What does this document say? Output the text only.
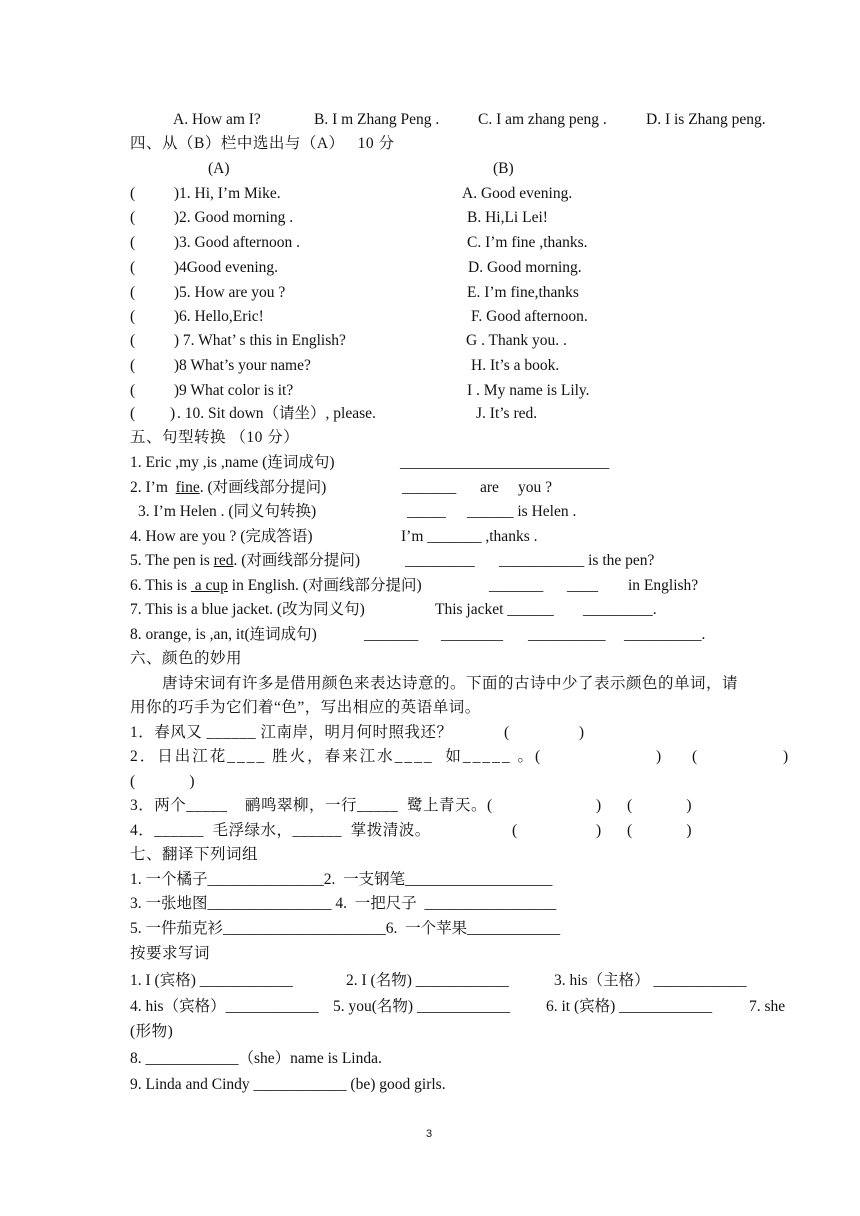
A. How am I?	B. I m Zhang Peng . C. I am zhang peng .	D. I is Zhang peng.
四、从（B）栏中选出与（A）   10 分
(A)	(B)
(          ) 1. Hi, I’m Mike.	A. Good evening.
(          ) 2. Good morning .	B. Hi,Li Lei!
(          ) 3. Good afternoon .	C. I’m fine ,thanks.
(          ) 4Good evening.	D. Good morning.
(          ) 5. How are you ?	E. I’m fine,thanks
(          ) 6. Hello,Eric!	F. Good afternoon.
(          ) 7. What’ s this in English?	G . Thank you. .
(          ) 8 What’s your name?	H. It’s a book.
(          ) 9 What color is it?	I . My name is Lily.
(         ) . 10. Sit down（请坐）, please.	J. It’s red.
五、句型转换 （10 分）
1. Eric ,my ,is ,name (连词成句)	___________________________
2. I’m  fine. (对画线部分提问)	_______ are you ?
3. I’m Helen . (同义句转换)	_____ ______ is Helen .
4. How are you ? (完成答语)	I’m _______ ,thanks .
5. The pen is red. (对画线部分提问)	_________ ___________ is the pen?
6. This is  a cup in English. (对画线部分提问)	_______ ____ in English?
7. This is a blue jacket. (改为同义句)	This jacket ______ _________.
8. orange, is ,an, it(连词成句)	_______ ________ __________ __________.
六、颜色的妙用
唐诗宋词有许多是借用颜色来表达诗意的。下面的古诗中少了表示颜色的单词，请
用你的巧手为它们着“色”，写出相应的英语单词。
1．春风又 ______ 江南岸，明月何时照我还？	(                  )
2．日出江花____ 胜火，春来江水____  如_____ 。(	) (	)
(              )
3．两个_____    鹂鸣翠柳，一行_____  鹭上青天。(	) (              )
4．______  毛浮绿水，______  掌拨清波。	(	) (              )
七、翻译下列词组
1. 一个橘子_______________2.  一支钢笔___________________
3. 一张地图________________ 4.  一把尺子  _________________
5. 一件茄克衫_____________________6.  一个苹果____________
按要求写词
1. I (宾格) ____________	2. I (名物) ____________	3. his（主格） ____________
4. his（宾格）____________ 5. you(名物) ____________ 6. it (宾格) ____________ 7. she
(形物)
8. ____________（she）name is Linda.
9. Linda and Cindy ____________ (be) good girls.
3
